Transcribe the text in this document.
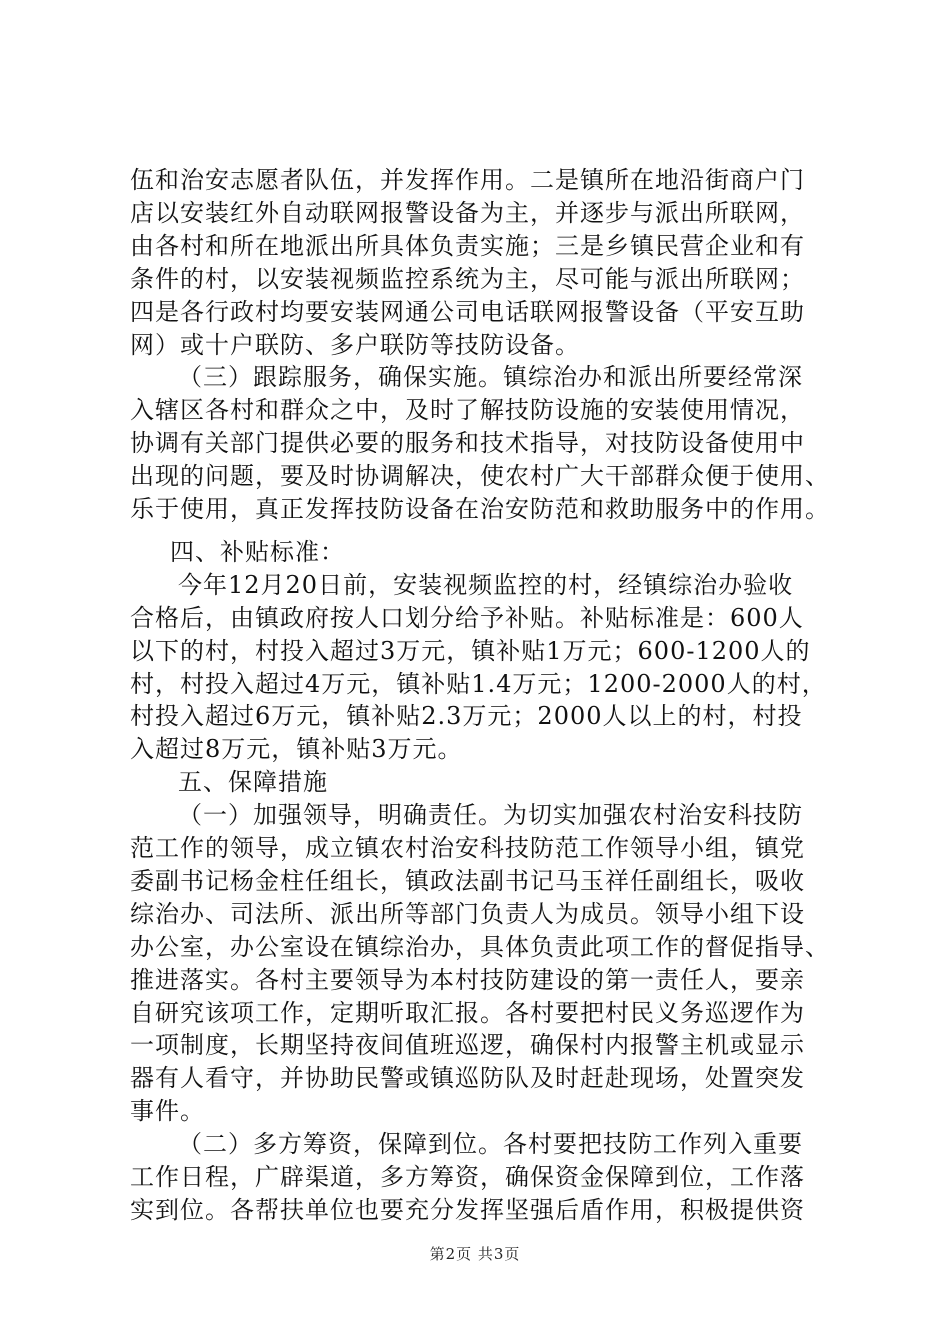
伍和治安志愿者队伍，并发挥作用。二是镇所在地沿街商户门
店以安装红外自动联网报警设备为主，并逐步与派出所联网，
由各村和所在地派出所具体负责实施；三是乡镇民营企业和有
条件的村，以安装视频监控系统为主，尽可能与派出所联网；
四是各行政村均要安装网通公司电话联网报警设备（平安互助
网）或十户联防、多户联防等技防设备。
（三）跟踪服务，确保实施。镇综治办和派出所要经常深
入辖区各村和群众之中，及时了解技防设施的安装使用情况，
协调有关部门提供必要的服务和技术指导，对技防设备使用中
出现的问题，要及时协调解决，使农村广大干部群众便于使用、
乐于使用，真正发挥技防设备在治安防范和救助服务中的作用。
四、补贴标准：
今年12月20日前，安装视频监控的村，经镇综治办验收
合格后，由镇政府按人口划分给予补贴。补贴标准是：600人
以下的村，村投入超过3万元，镇补贴1万元；600-1200人的
村，村投入超过4万元，镇补贴1.4万元；1200-2000人的村，
村投入超过6万元，镇补贴2.3万元；2000人以上的村，村投
入超过8万元，镇补贴3万元。
五、保障措施
（一）加强领导，明确责任。为切实加强农村治安科技防
范工作的领导，成立镇农村治安科技防范工作领导小组，镇党
委副书记杨金柱任组长，镇政法副书记马玉祥任副组长，吸收
综治办、司法所、派出所等部门负责人为成员。领导小组下设
办公室，办公室设在镇综治办，具体负责此项工作的督促指导、
推进落实。各村主要领导为本村技防建设的第一责任人，要亲
自研究该项工作，定期听取汇报。各村要把村民义务巡逻作为
一项制度，长期坚持夜间值班巡逻，确保村内报警主机或显示
器有人看守，并协助民警或镇巡防队及时赶赴现场，处置突发
事件。
（二）多方筹资，保障到位。各村要把技防工作列入重要
工作日程，广辟渠道，多方筹资，确保资金保障到位，工作落
实到位。各帮扶单位也要充分发挥坚强后盾作用，积极提供资
第2页 共3页
